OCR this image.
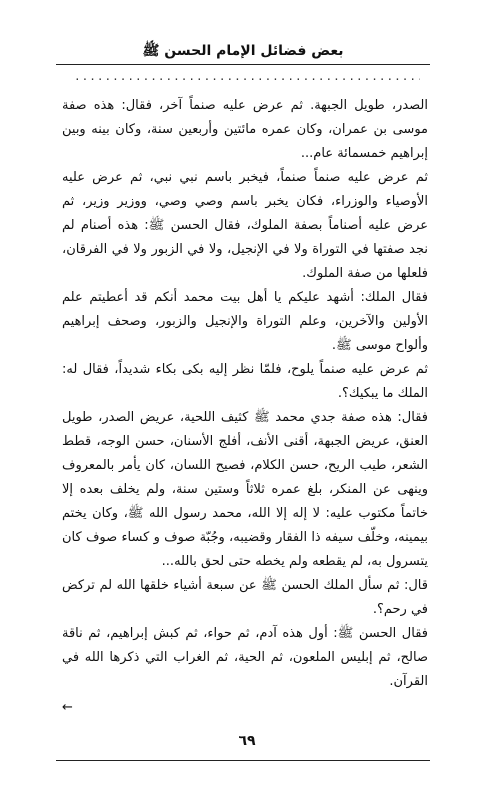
بعض فضائل الإمام الحسن ﷺ
.....

الصدر، طويل الجبهة. ثم عرض عليه صنماً آخر، فقال: هذه صفة موسى بن عمران، وكان عمره مائتين وأربعين سنة، وكان بينه وبين إبراهيم خمسمائة عام...

ثم عرض عليه صنماً صنماً، فيخبر باسم نبي نبي، ثم عرض عليه الأوصياء والوزراء، فكان يخبر باسم وصي وصي، ووزير وزير، ثم عرض عليه أصناماً بصفة الملوك، فقال الحسن ﷺ: هذه أصنام لم نجد صفتها في التوراة ولا في الإنجيل، ولا في الزبور ولا في الفرقان، فلعلها من صفة الملوك.

فقال الملك: أشهد عليكم يا أهل بيت محمد أنكم قد أعطيتم علم الأولين والآخرين، وعلم التوراة والإنجيل والزبور، وصحف إبراهيم وألواح موسى ﷺ.

ثم عرض عليه صنماً يلوح، فلمّا نظر إليه بكى بكاء شديداً، فقال له: الملك ما يبكيك؟.

فقال: هذه صفة جدي محمد ﷺ كثيف اللحية، عريض الصدر، طويل العنق، عريض الجبهة، أقنى الأنف، أفلج الأسنان، حسن الوجه، قطط الشعر، طيب الريح، حسن الكلام، فصيح اللسان، كان يأمر بالمعروف وينهى عن المنكر، بلغ عمره ثلاثاً وستين سنة، ولم يخلف بعده إلا خاتماً مكتوب عليه: لا إله إلا الله، محمد رسول الله ﷺ، وكان يختم بيمينه، وخلّف سيفه ذا الفقار وقضيبه، وجُبّة صوف و كساء صوف كان يتسرول به، لم يقطعه ولم يخطه حتى لحق بالله...

قال: ثم سأل الملك الحسن ﷺ عن سبعة أشياء خلقها الله لم تركض في رحم؟.

فقال الحسن ﷺ: أول هذه آدم، ثم حواء، ثم كبش إبراهيم، ثم ناقة صالح، ثم إبليس الملعون، ثم الحية، ثم الغراب التي ذكرها الله في القرآن.

←
٦٩
